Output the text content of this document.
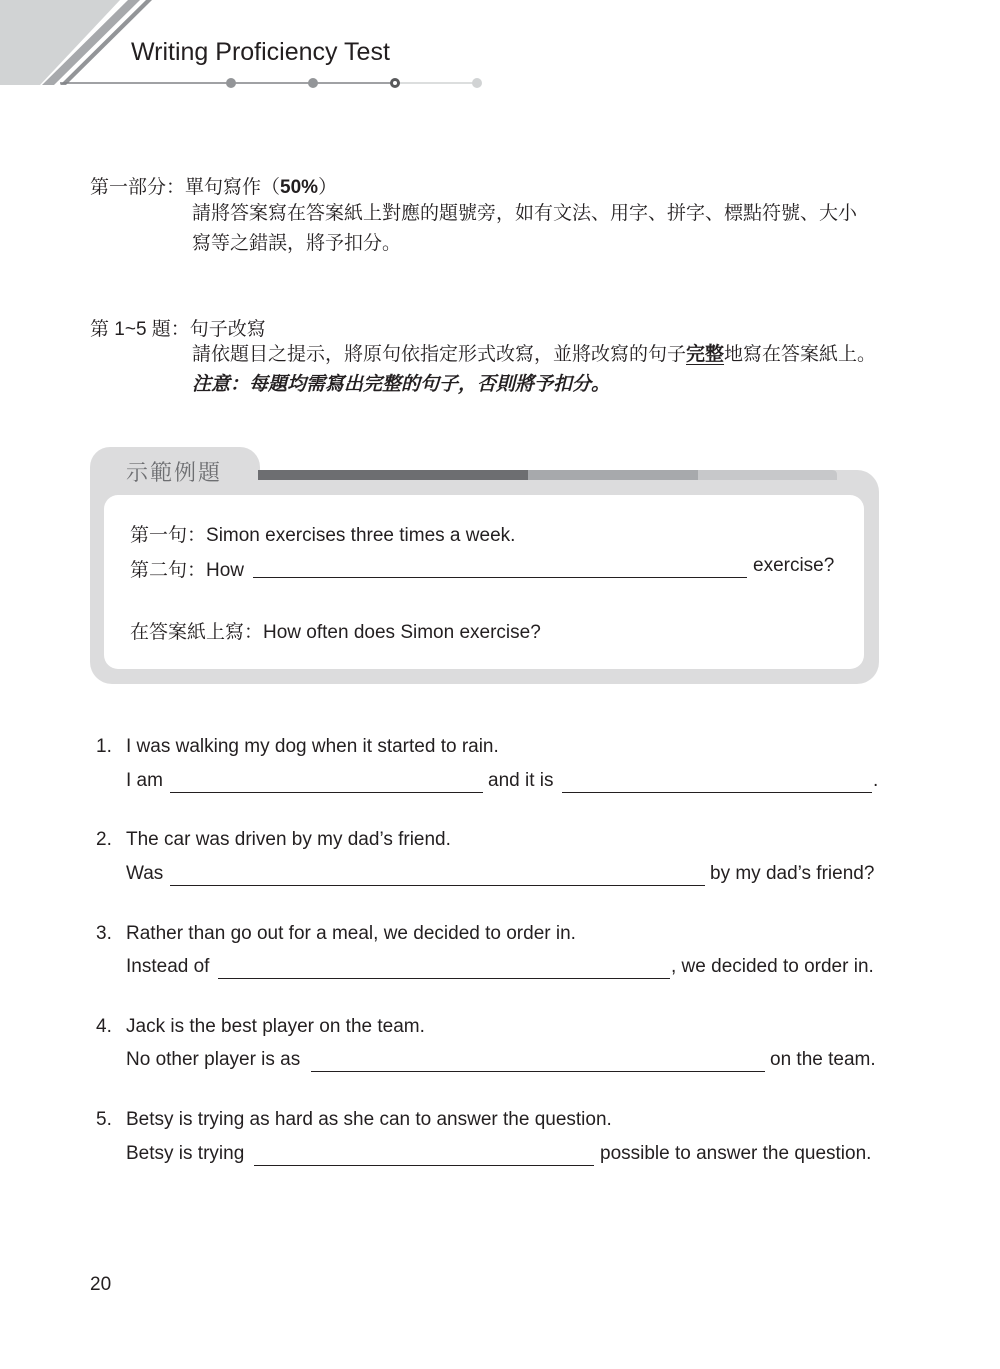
Writing Proficiency Test
第一部分：單句寫作（50%）
請將答案寫在答案紙上對應的題號旁，如有文法、用字、拼字、標點符號、大小
寫等之錯誤，將予扣分。
第 1~5 題：句子改寫
請依題目之提示，將原句依指定形式改寫，並將改寫的句子完整地寫在答案紙上。
注意：每題均需寫出完整的句子，否則將予扣分。
示範例題
第一句：Simon exercises three times a week.
第二句：How	exercise?
在答案紙上寫：How often does Simon exercise?
1. I was walking my dog when it started to rain.
I am	and it is	.
2. The car was driven by my dad’s friend.
Was	by my dad’s friend?
3. Rather than go out for a meal, we decided to order in.
Instead of	, we decided to order in.
4. Jack is the best player on the team.
No other player is as	on the team.
5. Betsy is trying as hard as she can to answer the question.
Betsy is trying	possible to answer the question.
20
